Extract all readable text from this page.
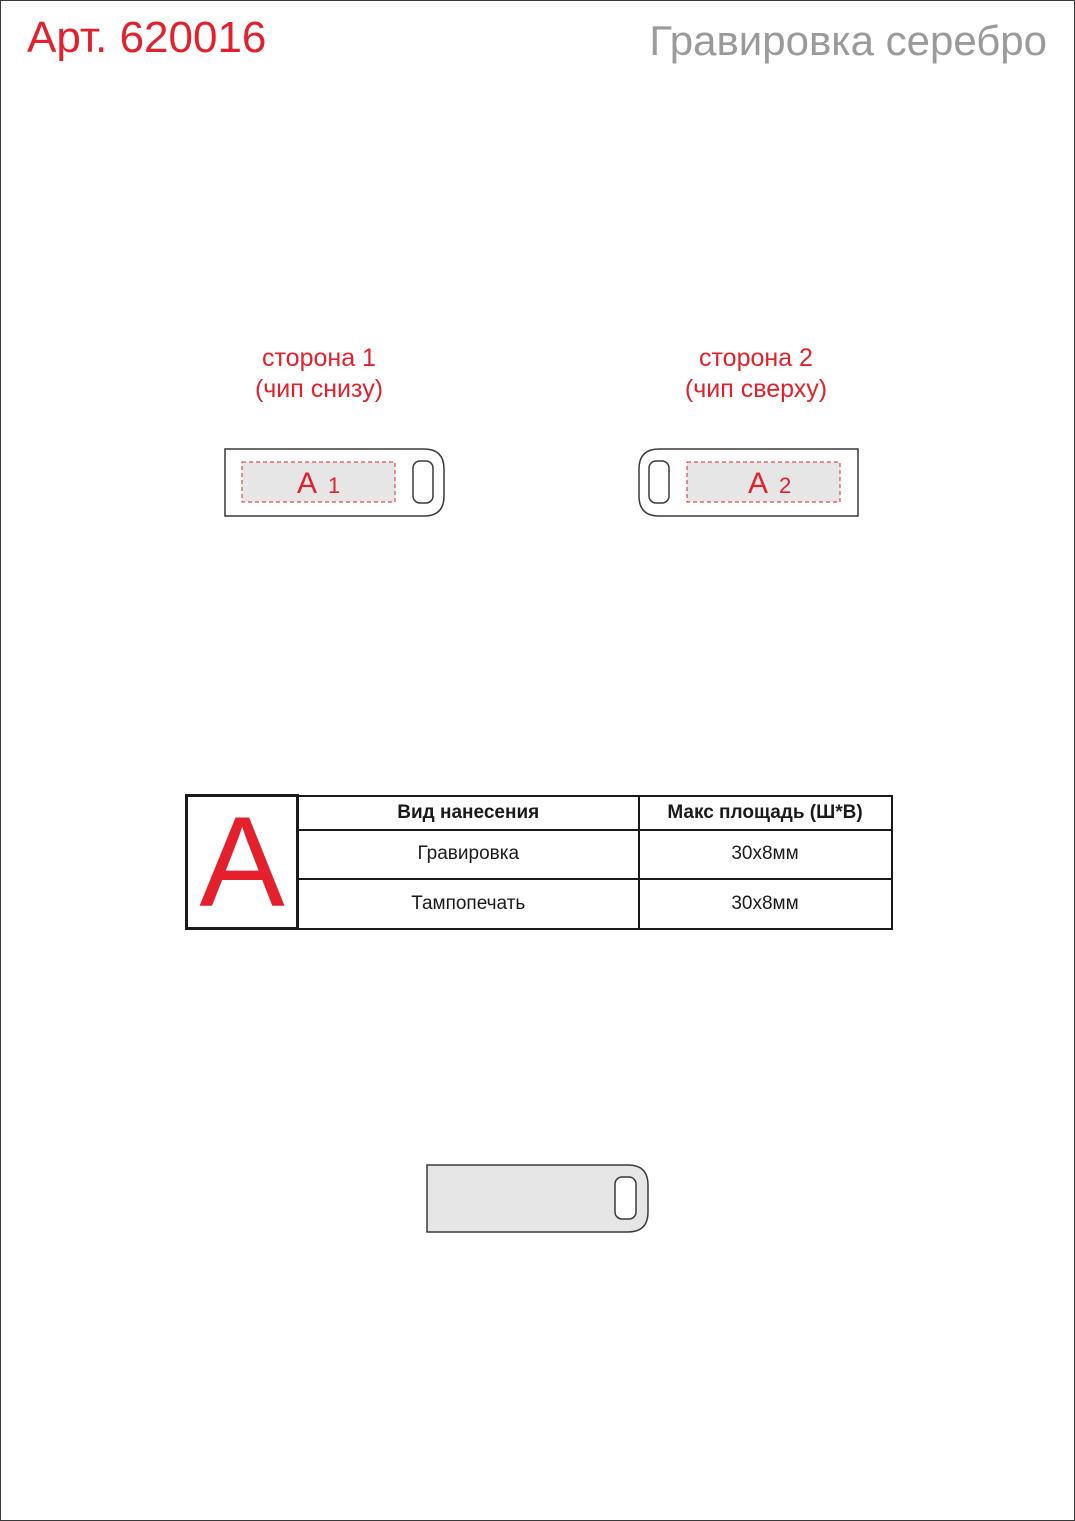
Арт. 620016	Гравировка серебро
сторона 1
(чип снизу)
A 1
сторона 2
(чип сверху)
A 2
A	Вид нанесения	Макс площадь (Ш*В)
	Гравировка	30x8мм
	Тампопечать	30x8мм
